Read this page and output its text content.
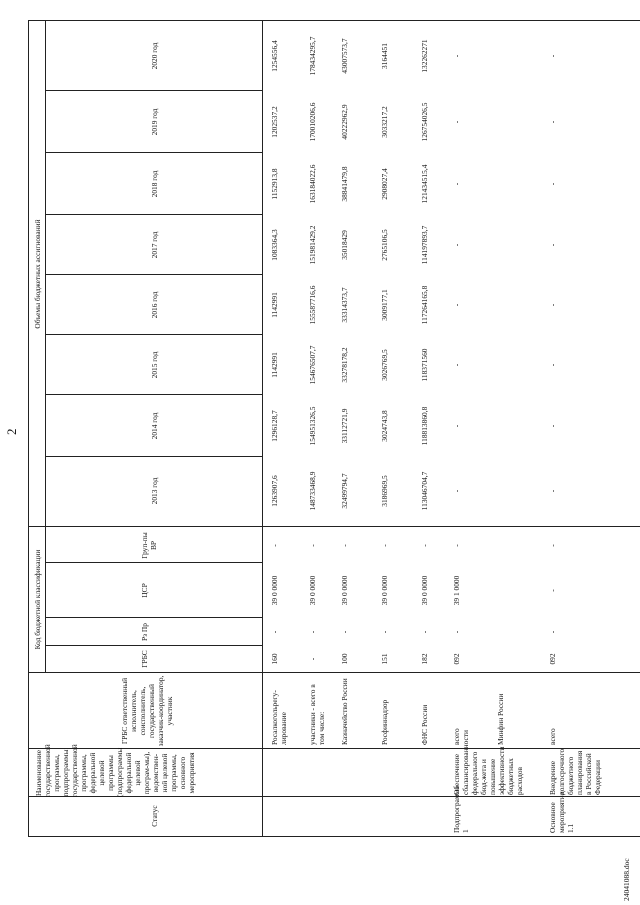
Статус
Наименование государственной программы, подпрограммы государственной программы, федеральной целевой программы (подпрограммы федеральной целевой програм-мы), ведомствен-ной целевой программы, основного мероприятия
ГРБС ответственный исполнитель, соисполнитель, государственный заказчик-координатор, участник
Код бюджетной классификации
Объемы бюджетных ассигнований
ГРБС
Рз Пр
ЦСР
Груп-пы ВР
2013 год
2014 год
2015 год
2016 год
2017 год
2018 год
2019 год
2020 год
Росалкогольрегу-лирование
160
-
39 0 0000
-
1263907,6
1296128,7
1142991
1142991
1083364,3
1152913,8
1202537,2
1254556,4
участники - всего в том числе:
-
-
39 0 0000
-
148733468,9
154951326,5
154676507,7
155587716,6
151981429,2
163184022,6
170010206,6
178434295,7
Казначейство России
100
-
39 0 0000
-
32499794,7
33112721,9
33278178,2
33314373,7
35018429
38841479,8
40222962,9
43007573,7
Росфиннадзор
151
-
39 0 0000
-
3186969,5
3024743,8
3026769,5
3009177,1
2765106,5
2908027,4
3033217,2
3164451
ФНС России
182
-
39 0 0000
-
113046704,7
118813860,8
118371560
117264165,8
114197893,7
121434515,4
126754026,5
132262271
Подпрограмма 1
Обеспечение сбалансированности федерального бюд-жета и повышение эффективности бюджетных расходов
всего
092
-
39 1 0000
-
-
-
-
-
-
-
-
-
Минфин России
Основное мероприятие 1.1
Внедрение долгосрочного бюджетного планирования в Российской Федерации
всего
092
-
-
-
-
-
-
-
-
-
-
-
2
24041088.doc
